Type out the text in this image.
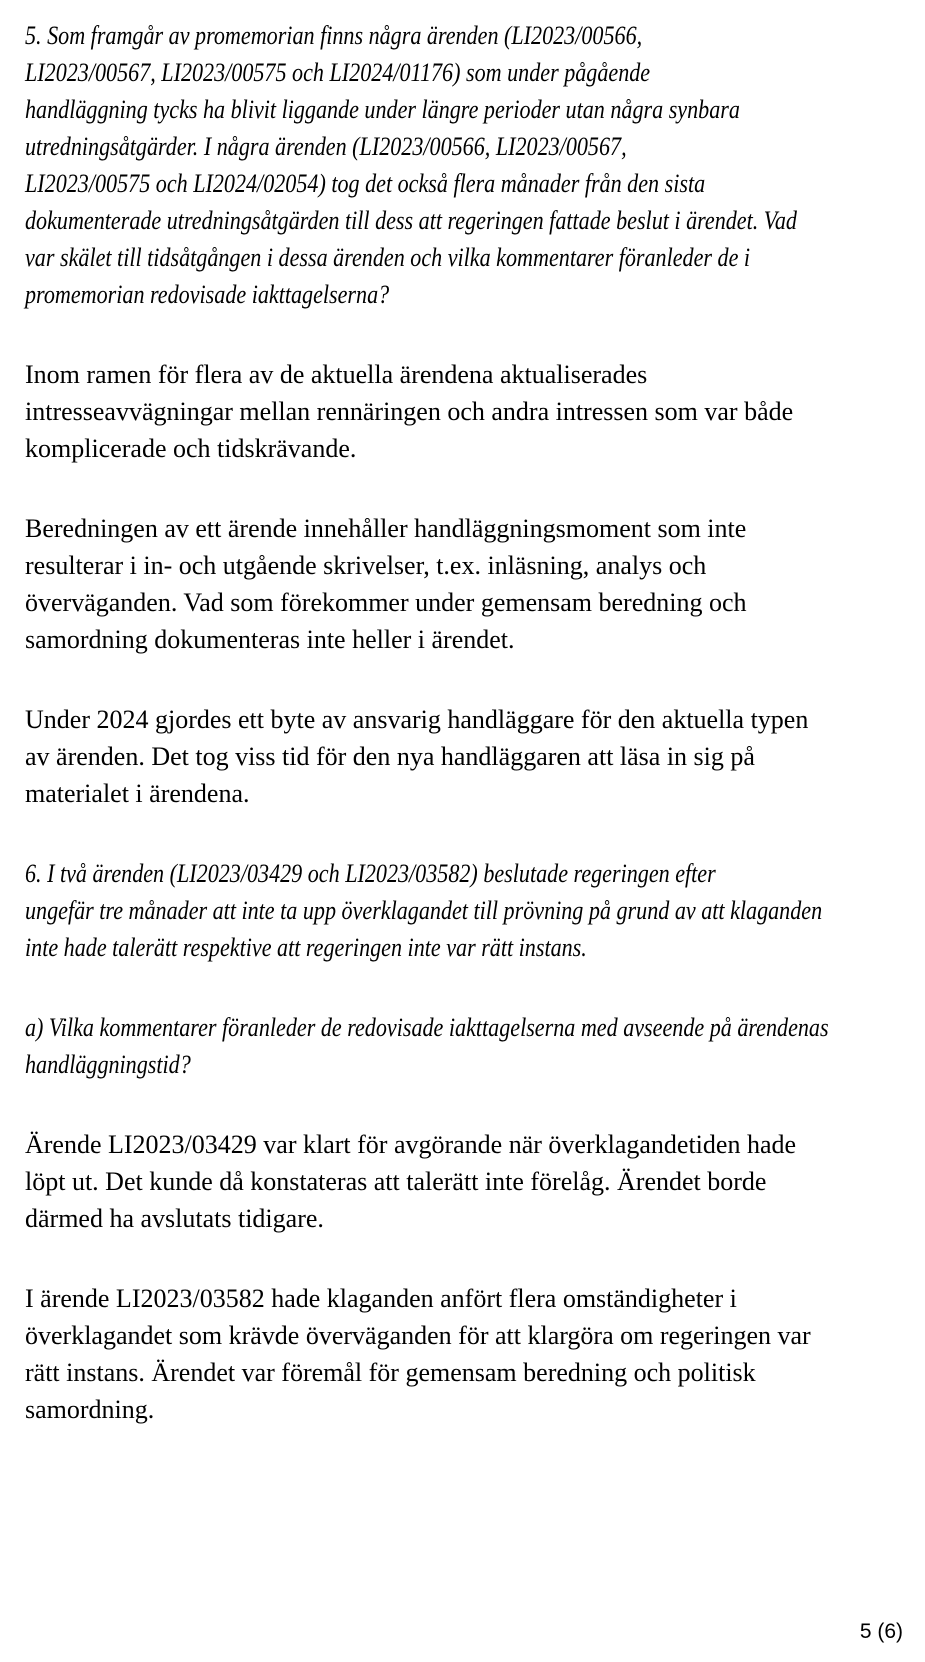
5. Som framgår av promemorian finns några ärenden (LI2023/00566,
LI2023/00567, LI2023/00575 och LI2024/01176) som under pågående
handläggning tycks ha blivit liggande under längre perioder utan några synbara
utredningsåtgärder. I några ärenden (LI2023/00566, LI2023/00567,
LI2023/00575 och LI2024/02054) tog det också flera månader från den sista
dokumenterade utredningsåtgärden till dess att regeringen fattade beslut i ärendet. Vad
var skälet till tidsåtgången i dessa ärenden och vilka kommentarer föranleder de i
promemorian redovisade iakttagelserna?
Inom ramen för flera av de aktuella ärendena aktualiserades
intresseavvägningar mellan rennäringen och andra intressen som var både
komplicerade och tidskrävande.
Beredningen av ett ärende innehåller handläggningsmoment som inte
resulterar i in- och utgående skrivelser, t.ex. inläsning, analys och
överväganden. Vad som förekommer under gemensam beredning och
samordning dokumenteras inte heller i ärendet.
Under 2024 gjordes ett byte av ansvarig handläggare för den aktuella typen
av ärenden. Det tog viss tid för den nya handläggaren att läsa in sig på
materialet i ärendena.
6. I två ärenden (LI2023/03429 och LI2023/03582) beslutade regeringen efter
ungefär tre månader att inte ta upp överklagandet till prövning på grund av att klaganden
inte hade talerätt respektive att regeringen inte var rätt instans.
a) Vilka kommentarer föranleder de redovisade iakttagelserna med avseende på ärendenas
handläggningstid?
Ärende LI2023/03429 var klart för avgörande när överklagandetiden hade
löpt ut. Det kunde då konstateras att talerätt inte förelåg. Ärendet borde
därmed ha avslutats tidigare.
I ärende LI2023/03582 hade klaganden anfört flera omständigheter i
överklagandet som krävde överväganden för att klargöra om regeringen var
rätt instans. Ärendet var föremål för gemensam beredning och politisk
samordning.
5 (6)
